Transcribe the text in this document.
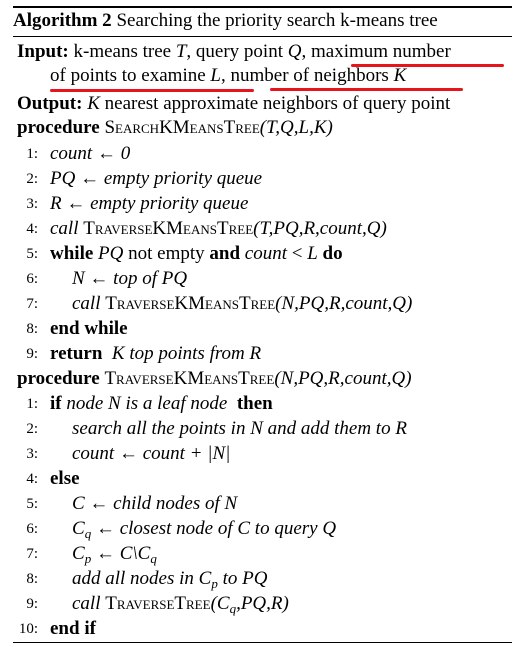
Algorithm 2 Searching the priority search k-means tree
Input: k-means tree T, query point Q, maximum number
of points to examine L, number of neighbors K
Output: K nearest approximate neighbors of query point
procedure SearchKMeansTree(T,Q,L,K)
1: count ← 0
2: PQ ← empty priority queue
3: R ← empty priority queue
4: call TraverseKMeansTree(T,PQ,R,count,Q)
5: while PQ not empty and count < L do
6: N ← top of PQ
7: call TraverseKMeansTree(N,PQ,R,count,Q)
8: end while
9: return K top points from R
procedure TraverseKMeansTree(N,PQ,R,count,Q)
1: if node N is a leaf node then
2: search all the points in N and add them to R
3: count ← count + |N|
4: else
5: C ← child nodes of N
6: $C_q$ ← closest node of C to query Q
7: $C_p$ ← $C\backslash C_q$
8: add all nodes in $C_p$ to PQ
9: call $TraverseTree(C_q,PQ,R)$
10: end if
